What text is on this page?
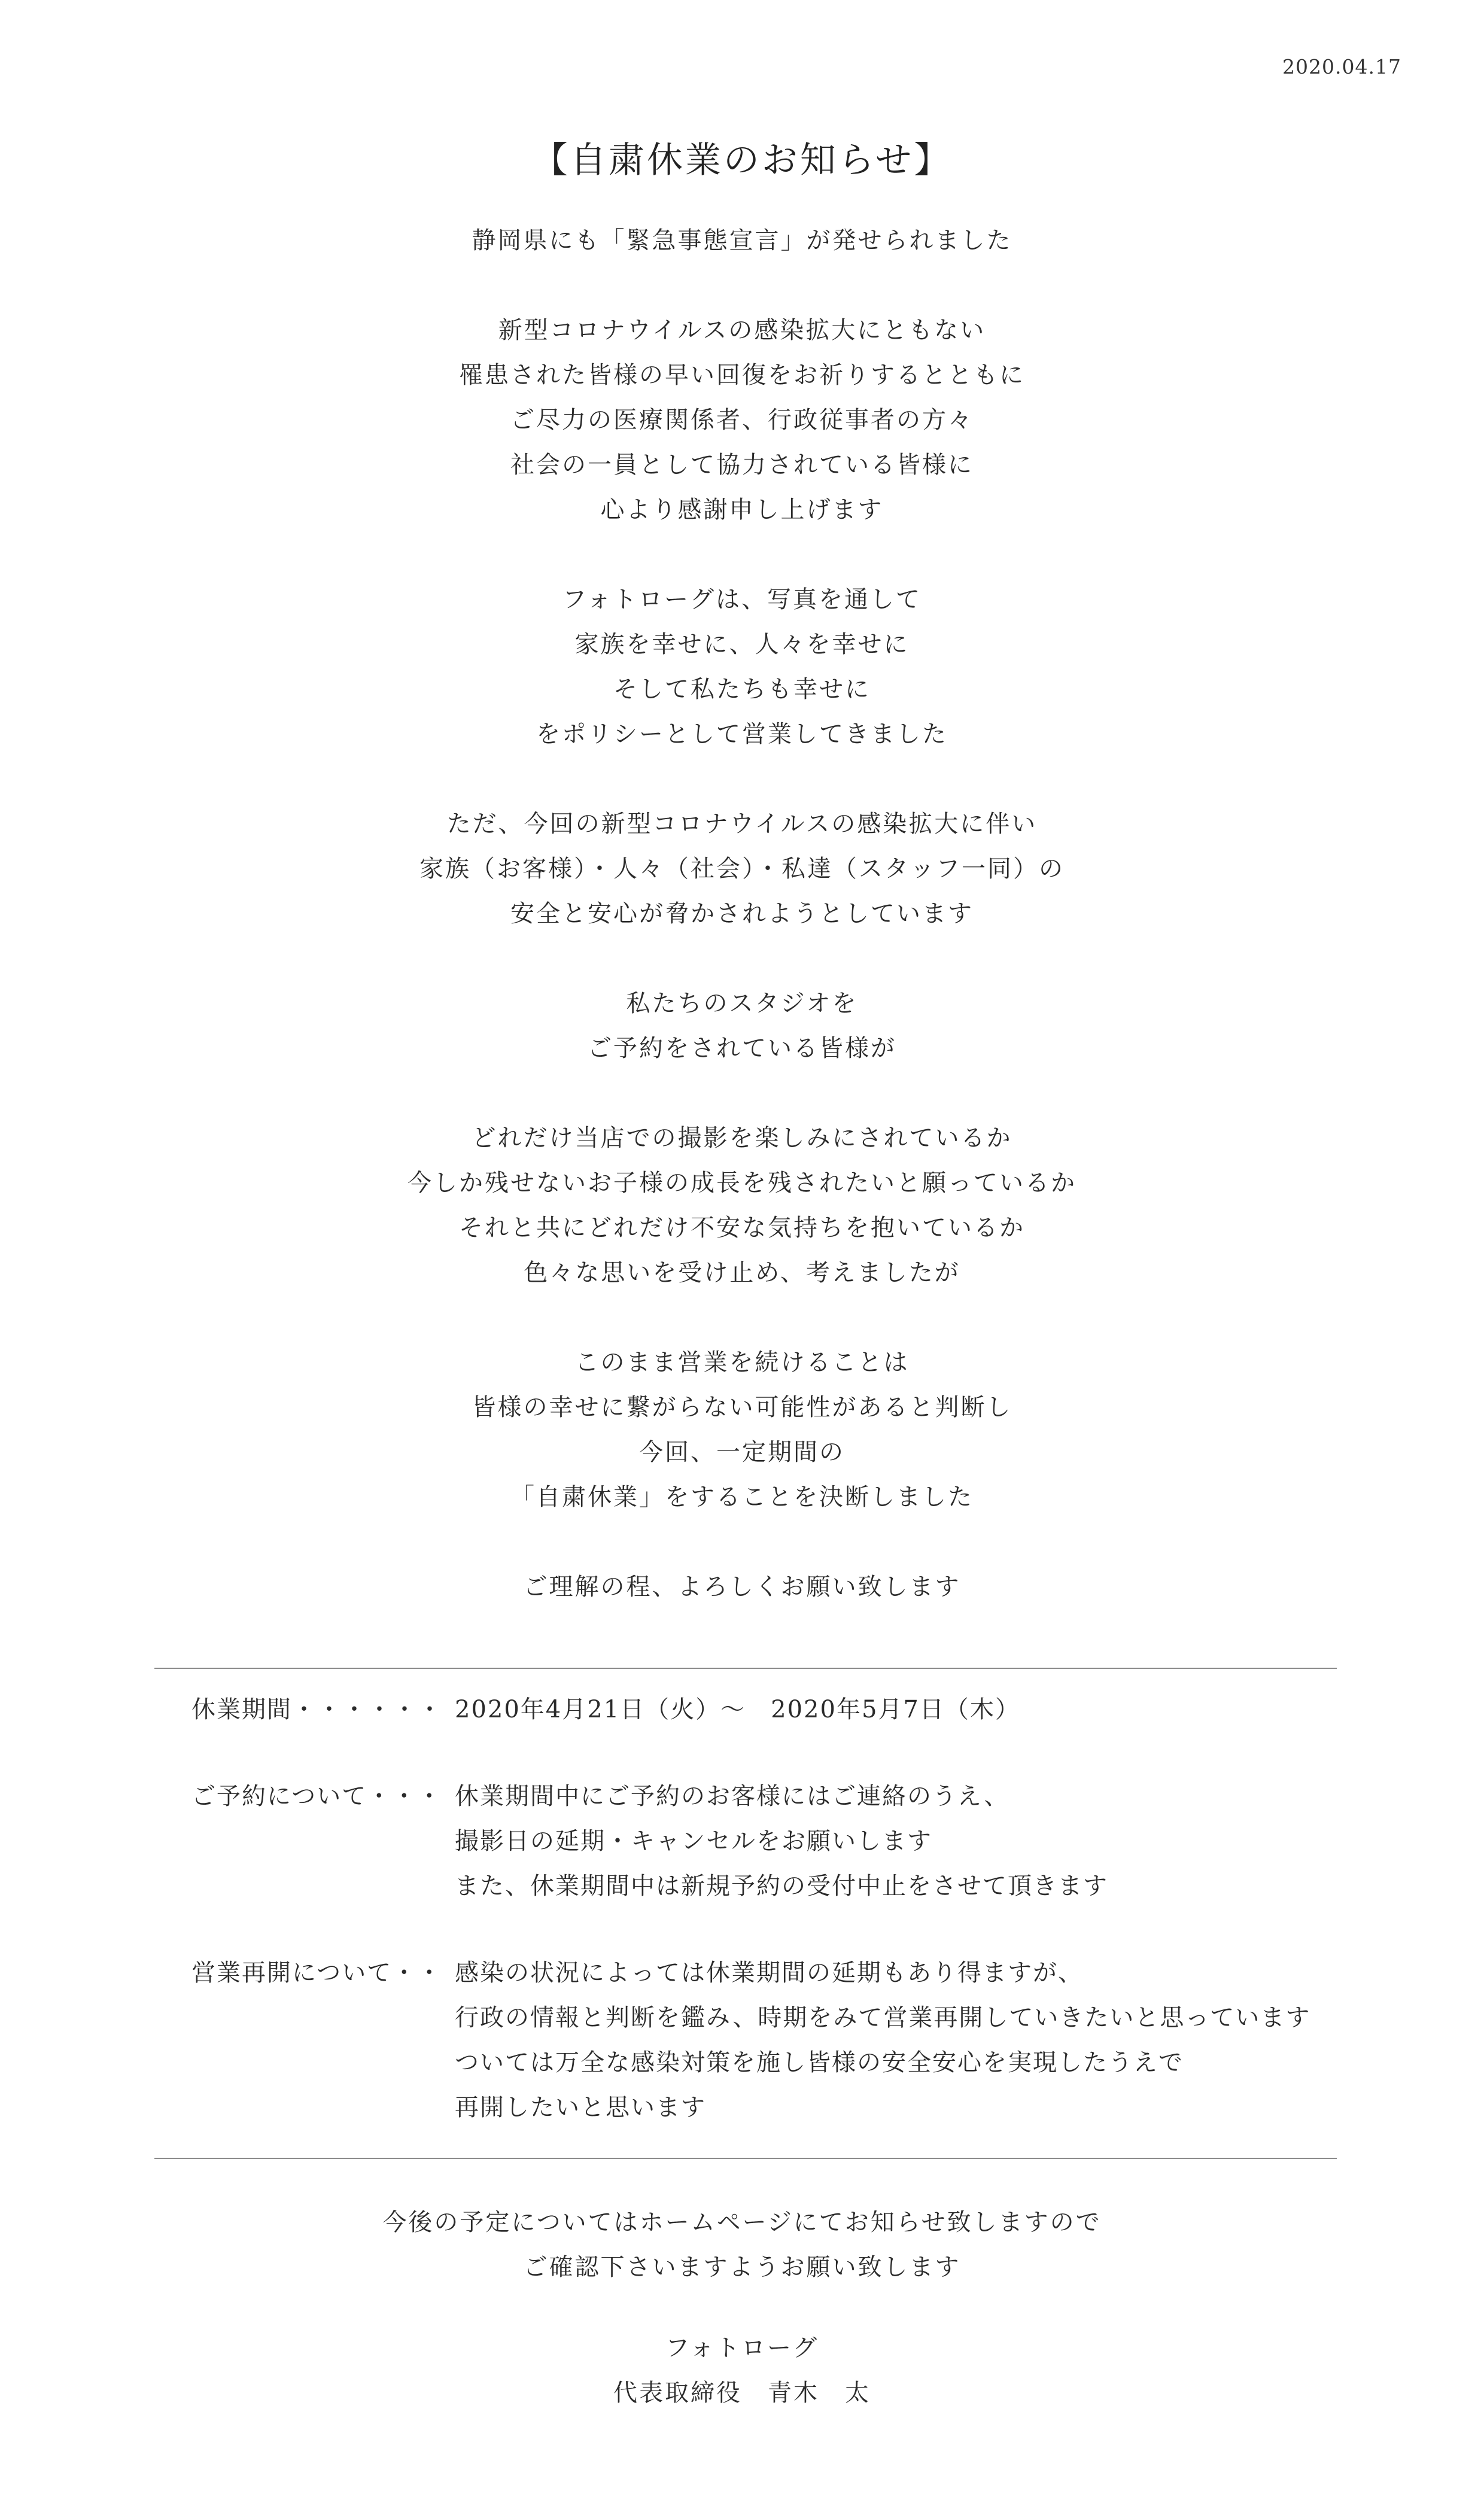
2020.04.17
【自粛休業のお知らせ】
静岡県にも「緊急事態宣言」が発せられました
新型コロナウイルスの感染拡大にともない
罹患された皆様の早い回復をお祈りするとともに
ご尽力の医療関係者、行政従事者の方々
社会の一員として協力されている皆様に
心より感謝申し上げます
フォトローグは、写真を通して
家族を幸せに、人々を幸せに
そして私たちも幸せに
をポリシーとして営業してきました
ただ、今回の新型コロナウイルスの感染拡大に伴い
家族（お客様）・人々（社会）・私達（スタッフ一同）の
安全と安心が脅かされようとしています
私たちのスタジオを
ご予約をされている皆様が
どれだけ当店での撮影を楽しみにされているか
今しか残せないお子様の成長を残されたいと願っているか
それと共にどれだけ不安な気持ちを抱いているか
色々な思いを受け止め、考えましたが
このまま営業を続けることは
皆様の幸せに繋がらない可能性があると判断し
今回、一定期間の
「自粛休業」をすることを決断しました
ご理解の程、よろしくお願い致します
休業期間・・・・・・ 2020年4月21日（火）〜　2020年5月7日（木）
ご予約について・・・ 休業期間中にご予約のお客様にはご連絡のうえ、
撮影日の延期・キャンセルをお願いします
また、休業期間中は新規予約の受付中止をさせて頂きます
営業再開について・・ 感染の状況によっては休業期間の延期もあり得ますが、
行政の情報と判断を鑑み、時期をみて営業再開していきたいと思っています
ついては万全な感染対策を施し皆様の安全安心を実現したうえで
再開したいと思います
今後の予定についてはホームページにてお知らせ致しますので
ご確認下さいますようお願い致します
フォトローグ
代表取締役　青木　太
